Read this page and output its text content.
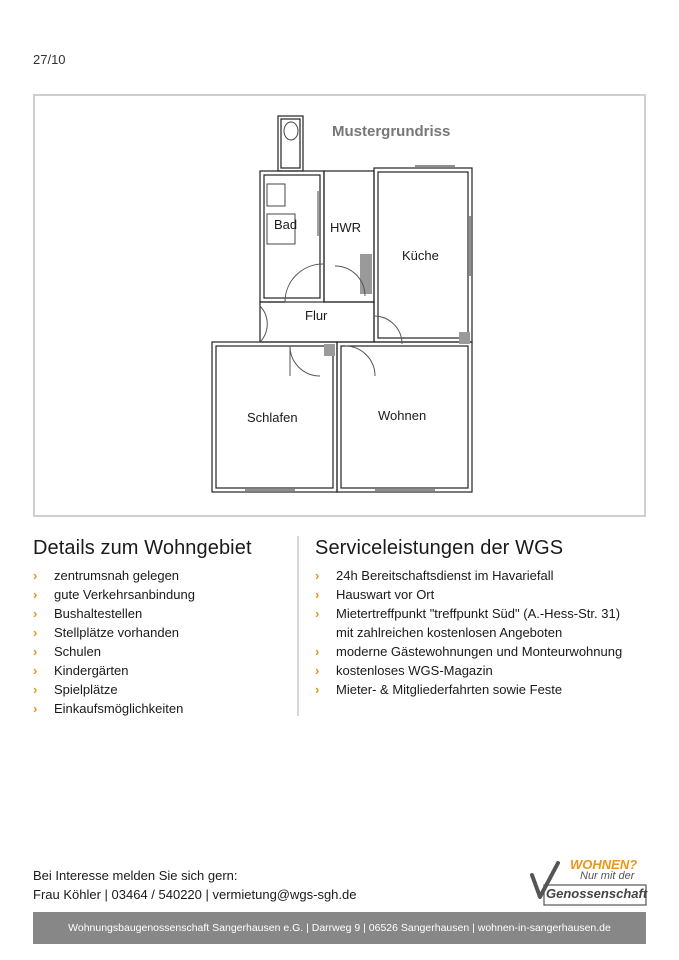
27/10
Mustergrundriss
Bad	HWR
Küche
Flur
Schlafen	Wohnen
Details zum Wohngebiet
› zentrumsnah gelegen
› gute Verkehrsanbindung
› Bushaltestellen
› Stellplätze vorhanden
› Schulen
› Kindergärten
› Spielplätze
› Einkaufsmöglichkeiten
Serviceleistungen der WGS
› 24h Bereitschaftsdienst im Havariefall
› Hauswart vor Ort
› Mietertreffpunkt "treffpunkt Süd" (A.-Hess-Str. 31) mit zahlreichen kostenlosen Angeboten
› moderne Gästewohnungen und Monteurwohnung
› kostenloses WGS-Magazin
› Mieter- & Mitgliederfahrten sowie Feste
Bei Interesse melden Sie sich gern:
Frau Köhler | 03464 / 540220 | vermietung@wgs-sgh.de
WOHNEN?
Nur mit der
Genossenschaft
Wohnungsbaugenossenschaft Sangerhausen e.G. | Darrweg 9 | 06526 Sangerhausen | wohnen-in-sangerhausen.de
